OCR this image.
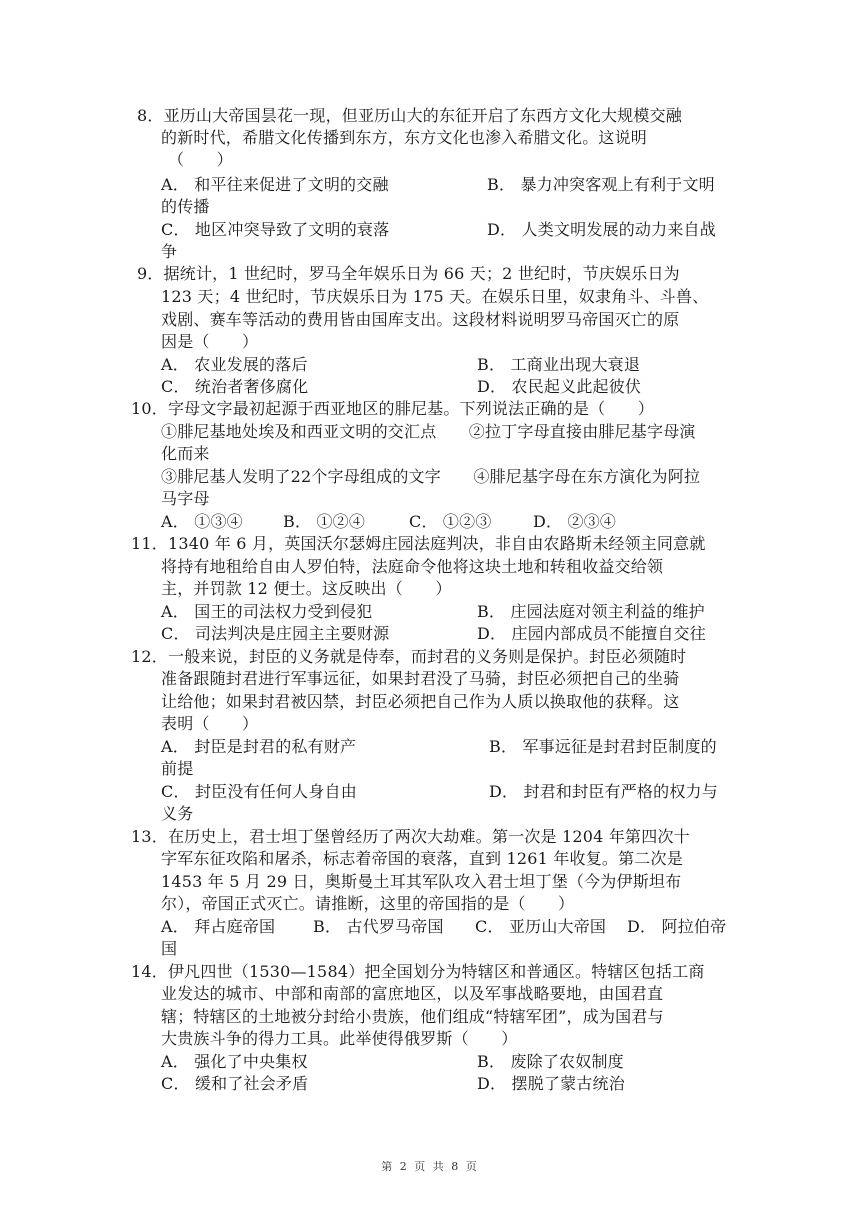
8．亚历山大帝国昙花一现，但亚历山大的东征开启了东西方文化大规模交融
的新时代，希腊文化传播到东方，东方文化也渗入希腊文化。这说明
（　　）
A． 和平往来促进了文明的交融	B． 暴力冲突客观上有利于文明
的传播
C． 地区冲突导致了文明的衰落	D． 人类文明发展的动力来自战
争
9．据统计，1 世纪时，罗马全年娱乐日为 66 天；2 世纪时，节庆娱乐日为
123 天；4 世纪时，节庆娱乐日为 175 天。在娱乐日里，奴隶角斗、斗兽、
戏剧、赛车等活动的费用皆由国库支出。这段材料说明罗马帝国灭亡的原
因是（　　）
A． 农业发展的落后	B． 工商业出现大衰退
C． 统治者奢侈腐化	D． 农民起义此起彼伏
10．字母文字最初起源于西亚地区的腓尼基。下列说法正确的是（　　）
①腓尼基地处埃及和西亚文明的交汇点　　②拉丁字母直接由腓尼基字母演
化而来
③腓尼基人发明了22个字母组成的文字　　④腓尼基字母在东方演化为阿拉
马字母
A． ①③④	B． ①②④	C． ①②③	D． ②③④
11．1340 年 6 月，英国沃尔瑟姆庄园法庭判决，非自由农路斯未经领主同意就
将持有地租给自由人罗伯特，法庭命令他将这块土地和转租收益交给领
主，并罚款 12 便士。这反映出（　　）
A． 国王的司法权力受到侵犯	B． 庄园法庭对领主利益的维护
C． 司法判决是庄园主主要财源	D． 庄园内部成员不能擅自交往
12．一般来说，封臣的义务就是侍奉，而封君的义务则是保护。封臣必须随时
准备跟随封君进行军事远征，如果封君没了马骑，封臣必须把自己的坐骑
让给他；如果封君被囚禁，封臣必须把自己作为人质以换取他的获释。这
表明（　　）
A． 封臣是封君的私有财产	B． 军事远征是封君封臣制度的
前提
C． 封臣没有任何人身自由	D． 封君和封臣有严格的权力与
义务
13．在历史上，君士坦丁堡曾经历了两次大劫难。第一次是 1204 年第四次十
字军东征攻陷和屠杀，标志着帝国的衰落，直到 1261 年收复。第二次是
1453 年 5 月 29 日，奥斯曼土耳其军队攻入君士坦丁堡（今为伊斯坦布
尔），帝国正式灭亡。请推断，这里的帝国指的是（　　）
A． 拜占庭帝国 B． 古代罗马帝国 C． 亚历山大帝国 D． 阿拉伯帝
国
14．伊凡四世（1530—1584）把全国划分为特辖区和普通区。特辖区包括工商
业发达的城市、中部和南部的富庶地区，以及军事战略要地，由国君直
辖；特辖区的土地被分封给小贵族，他们组成“特辖军团”，成为国君与
大贵族斗争的得力工具。此举使得俄罗斯（　　）
A． 强化了中央集权	B． 废除了农奴制度
C． 缓和了社会矛盾	D． 摆脱了蒙古统治
第 2 页 共 8 页
